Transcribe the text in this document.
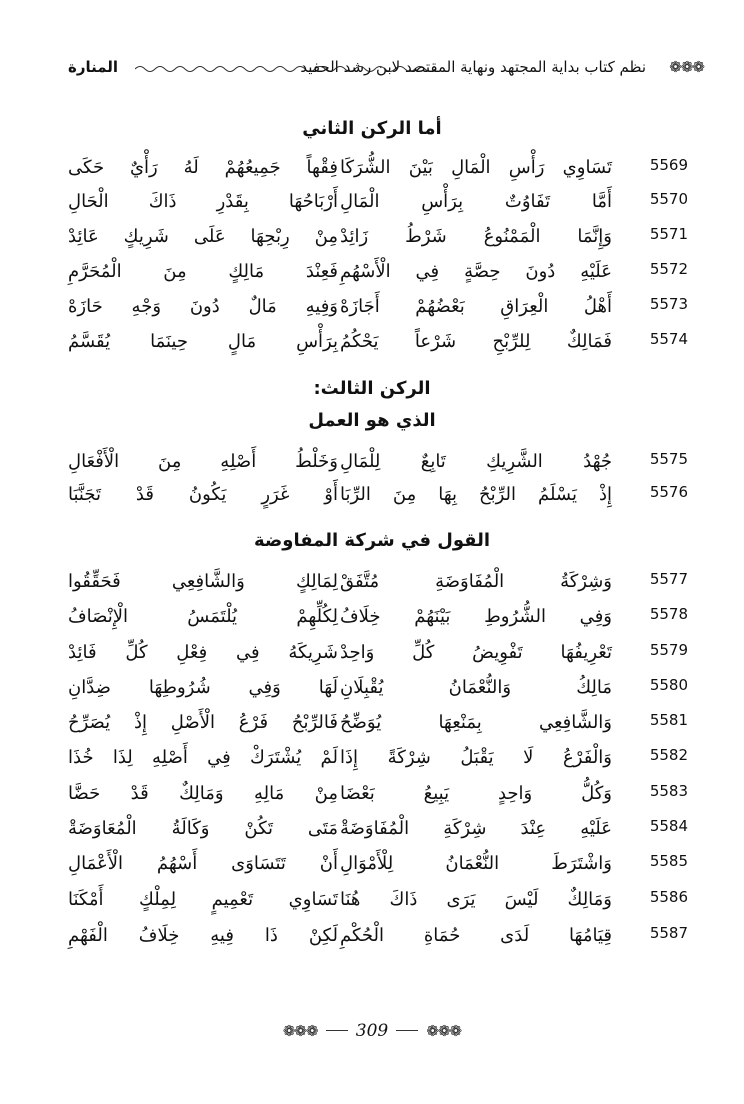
المنارة	نظم كتاب بداية المجتهد ونهاية المقتصد لابن رشد الحفيد ❁❁❁
أما الركن الثاني
5569
تَسَاوِي رَأْسِ الْمَالِ بَيْنَ الشُّرَكَا
فِقْهاً جَمِيعُهُمْ لَهُ رَأْيٌ حَكَى
5570
أَمَّا تَفَاوُتٌ بِرَأْسِ الْمَالِ
أَرْبَاحُهَا بِقَدْرِ ذَاكَ الْحَالِ
5571
وَإِنَّمَا الْمَمْنُوعُ شَرْطُ زَائِدْ
مِنْ رِبْحِهَا عَلَى شَرِيكٍ عَائِدْ
5572
عَلَيْهِ دُونَ حِصَّةٍ فِي الْأَسْهُمِ
فَعِنْدَ مَالِكٍ مِنَ الْمُحَرَّمِ
5573
أَهْلُ الْعِرَاقِ بَعْضُهُمْ أَجَازَهْ
وَفِيهِ مَالٌ دُونَ وَجْهِ حَازَهْ
5574
فَمَالِكٌ لِلرِّبْحِ شَرْعاً يَحْكُمُ
بِرَأْسِ مَالٍ حِينَمَا يُقَسَّمُ
الركن الثالث:
الذي هو العمل
5575
جُهْدُ الشَّرِيكِ تَابِعٌ لِلْمَالِ
وَخَلْطُ أَصْلِهِ مِنَ الْأَفْعَالِ
5576
إِذْ يَسْلَمُ الرِّبْحُ بِهَا مِنَ الرِّبَا
أَوْ غَرَرٍ يَكُونُ قَدْ تَجَنَّبَا
القول في شركة المفاوضة
5577
وَشِرْكَةُ الْمُفَاوَضَةِ مُتَّفَقْ
لِمَالِكٍ وَالشَّافِعِي فَحَقِّقُوا
5578
وَفِي الشُّرُوطِ بَيْنَهُمْ خِلَافُ
لِكُلِّهِمْ يُلْتَمَسُ الْإِنْصَافُ
5579
تَعْرِيفُهَا تَفْوِيضُ كُلِّ وَاحِدْ
شَرِيكَهُ فِي فِعْلِ كُلِّ فَائِدْ
5580
مَالِكُ وَالنُّعْمَانُ يُقْبِلَانِ
لَهَا وَفِي شُرُوطِهَا ضِدَّانِ
5581
وَالشَّافِعِي بِمَنْعِهَا يُوَضِّحُ
فَالرِّبْحُ فَرْعُ الْأَصْلِ إِذْ يُصَرِّحُ
5582
وَالْفَرْعُ لَا يَقْبَلُ شِرْكَةً إِذَا
لَمْ يُشْتَرَكْ فِي أَصْلِهِ لِذَا خُذَا
5583
وَكُلُّ وَاحِدٍ يَبِيعُ بَعْضَا
مِنْ مَالِهِ وَمَالِكٌ قَدْ حَضَّا
5584
عَلَيْهِ عِنْدَ شِرْكَةِ الْمُفَاوَضَةْ
مَتَى تَكُنْ وَكَالَةُ الْمُعَاوَضَةْ
5585
وَاشْتَرَطَ النُّعْمَانُ لِلْأَمْوَالِ
أَنْ تَتَسَاوَى أَسْهُمُ الْأَعْمَالِ
5586
وَمَالِكٌ لَيْسَ يَرَى ذَاكَ هُنَا
تَسَاوِي تَعْمِيمٍ لِمِلْكٍ أَمْكَنَا
5587
قِيَامُهَا لَدَى حُمَاةِ الْحُكْمِ
لَكِنْ ذَا فِيهِ خِلَافُ الْفَهْمِ
❁❁❁ 309	❁❁❁
